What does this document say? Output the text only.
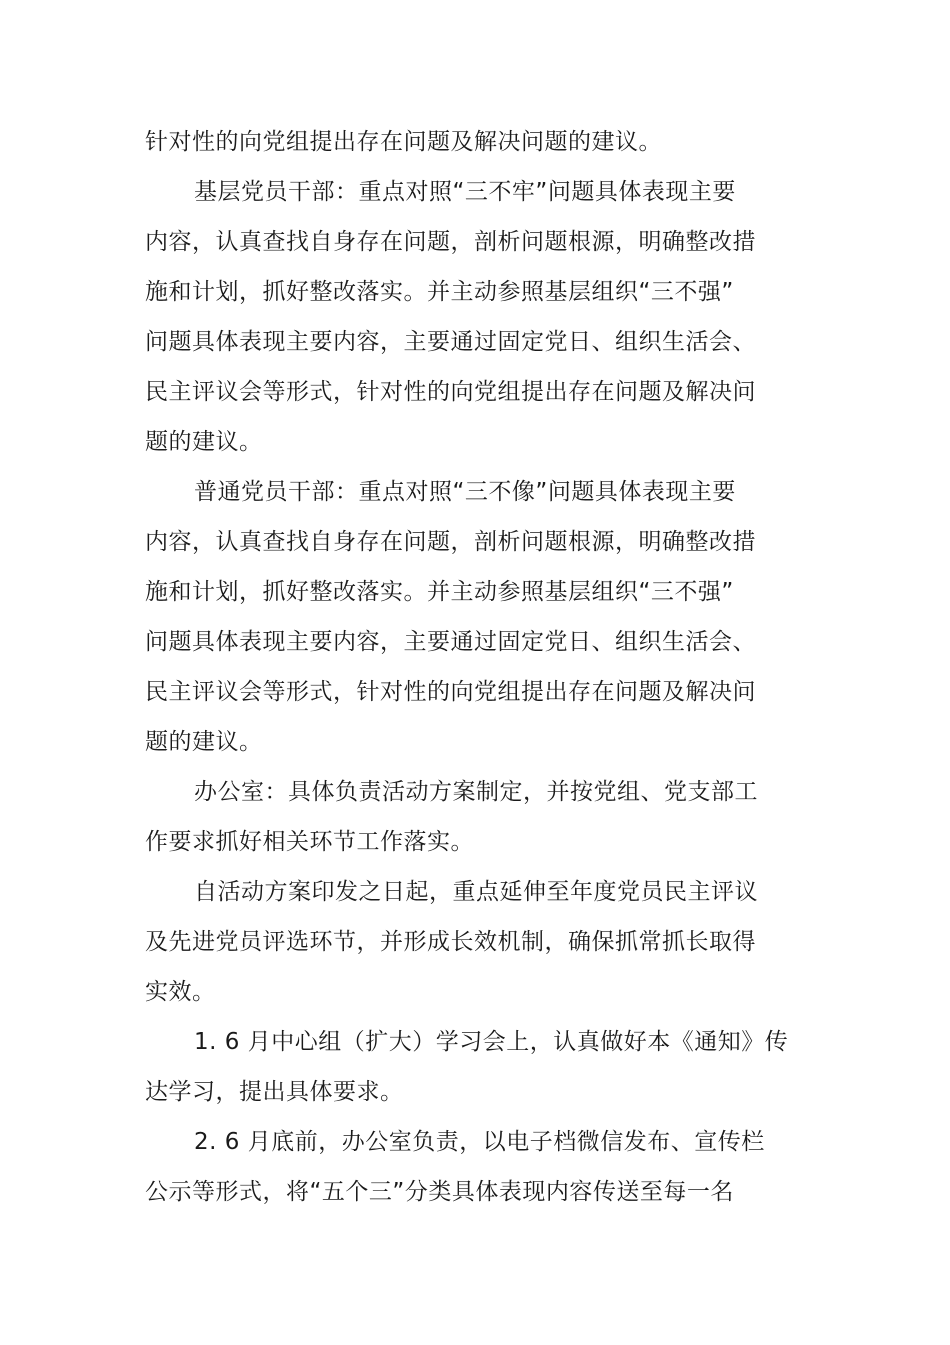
针对性的向党组提出存在问题及解决问题的建议。
基层党员干部：重点对照“三不牢”问题具体表现主要
内容，认真查找自身存在问题，剖析问题根源，明确整改措
施和计划，抓好整改落实。并主动参照基层组织“三不强”
问题具体表现主要内容，主要通过固定党日、组织生活会、
民主评议会等形式，针对性的向党组提出存在问题及解决问
题的建议。
普通党员干部：重点对照“三不像”问题具体表现主要
内容，认真查找自身存在问题，剖析问题根源，明确整改措
施和计划，抓好整改落实。并主动参照基层组织“三不强”
问题具体表现主要内容，主要通过固定党日、组织生活会、
民主评议会等形式，针对性的向党组提出存在问题及解决问
题的建议。
办公室：具体负责活动方案制定，并按党组、党支部工
作要求抓好相关环节工作落实。
自活动方案印发之日起，重点延伸至年度党员民主评议
及先进党员评选环节，并形成长效机制，确保抓常抓长取得
实效。
1. 6 月中心组（扩大）学习会上，认真做好本《通知》传
达学习，提出具体要求。
2. 6 月底前，办公室负责，以电子档微信发布、宣传栏
公示等形式，将“五个三”分类具体表现内容传送至每一名
